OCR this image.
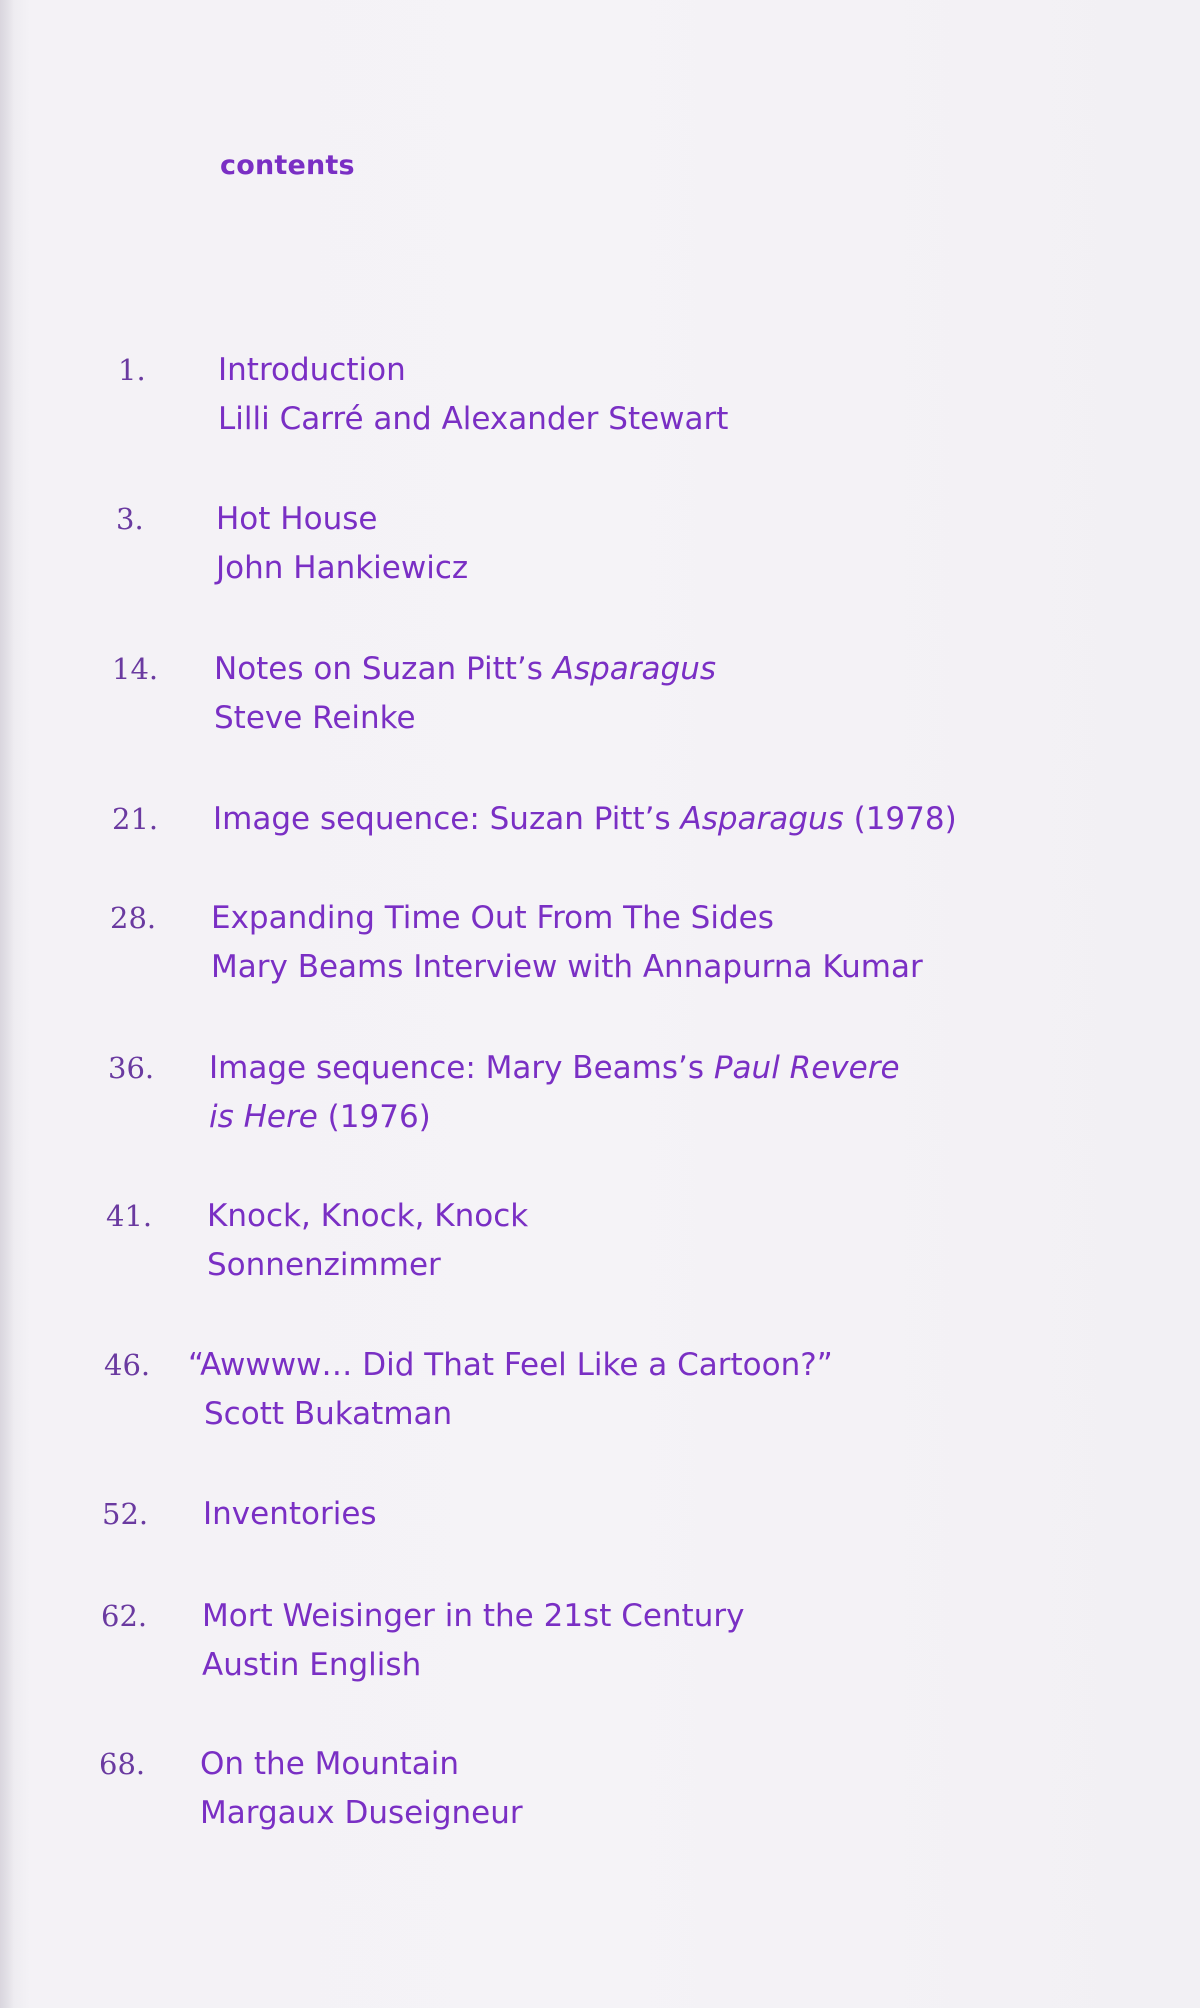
contents
1.	Introduction
Lilli Carré and Alexander Stewart
3.	Hot House
John Hankiewicz
14.	Notes on Suzan Pitt’s Asparagus
Steve Reinke
21.	Image sequence: Suzan Pitt’s Asparagus (1978)
28.	Expanding Time Out From The Sides
Mary Beams Interview with Annapurna Kumar
36.	Image sequence: Mary Beams’s Paul Revere
is Here (1976)
41.	Knock, Knock, Knock
Sonnenzimmer
46.	“Awwww… Did That Feel Like a Cartoon?”
Scott Bukatman
52.	Inventories
62.	Mort Weisinger in the 21st Century
Austin English
68.	On the Mountain
Margaux Duseigneur
